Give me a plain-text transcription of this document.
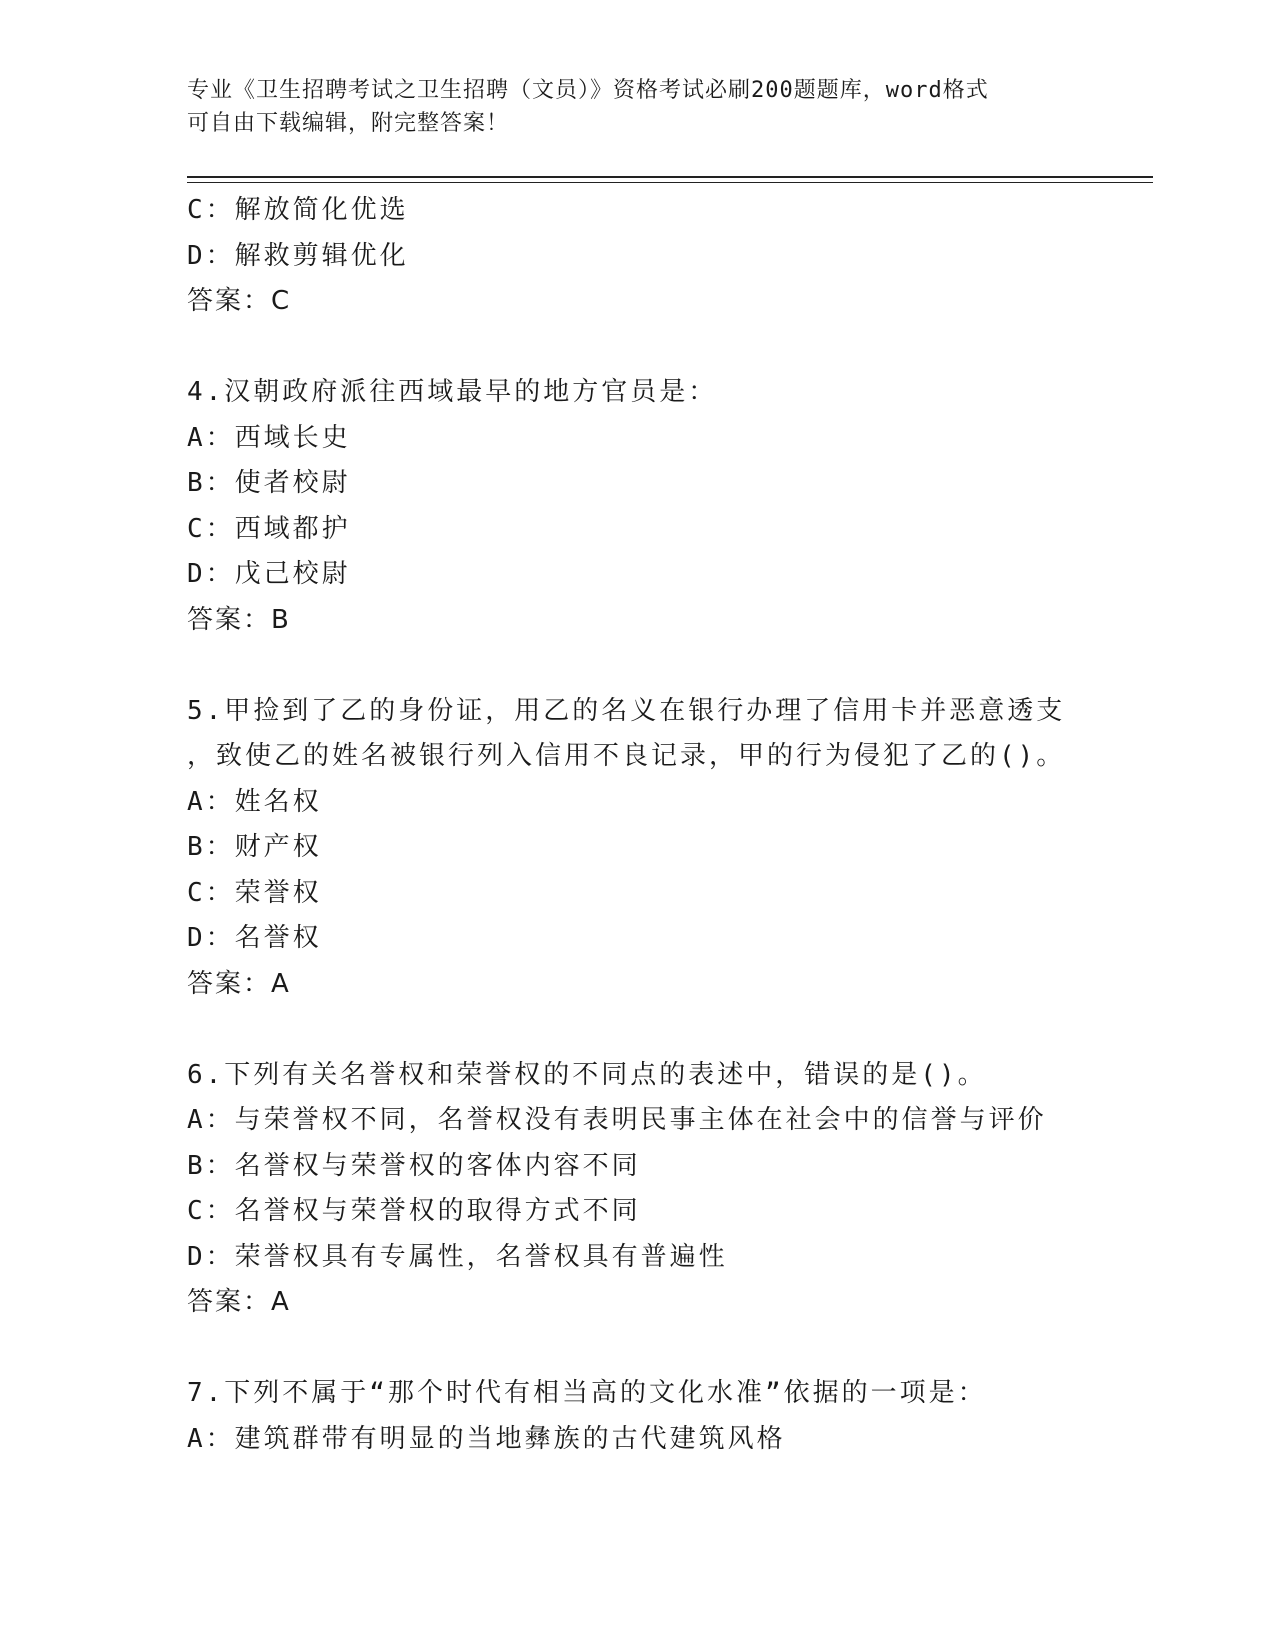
专业《卫生招聘考试之卫生招聘（文员）》资格考试必刷200题题库，word格式
可自由下载编辑，附完整答案！
C：解放简化优选
D：解救剪辑优化
答案：C
4.汉朝政府派往西域最早的地方官员是：
A：西域长史
B：使者校尉
C：西域都护
D：戊己校尉
答案：B
5.甲捡到了乙的身份证，用乙的名义在银行办理了信用卡并恶意透支
，致使乙的姓名被银行列入信用不良记录，甲的行为侵犯了乙的()。
A：姓名权
B：财产权
C：荣誉权
D：名誉权
答案：A
6.下列有关名誉权和荣誉权的不同点的表述中，错误的是()。
A：与荣誉权不同，名誉权没有表明民事主体在社会中的信誉与评价
B：名誉权与荣誉权的客体内容不同
C：名誉权与荣誉权的取得方式不同
D：荣誉权具有专属性，名誉权具有普遍性
答案：A
7.下列不属于“那个时代有相当高的文化水准”依据的一项是：
A：建筑群带有明显的当地彝族的古代建筑风格
